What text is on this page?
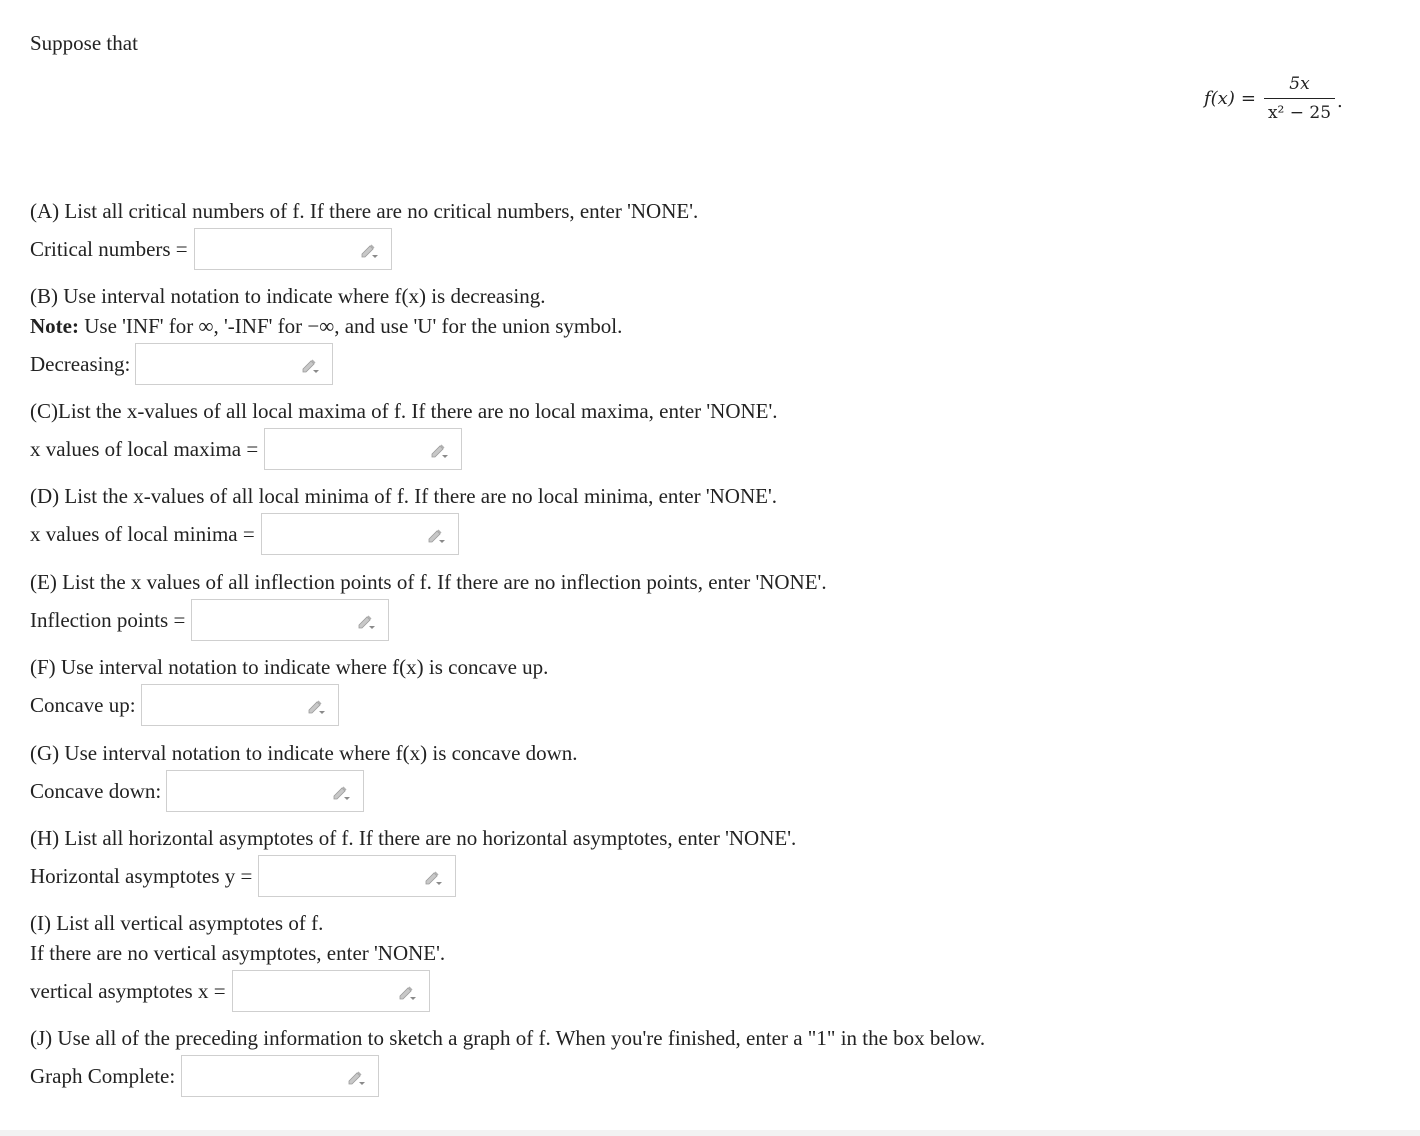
Suppose that
$f(x) = \frac{5x}{\text{x² − 25}}$ .
(A) List all critical numbers of f. If there are no critical numbers, enter 'NONE'.
Critical numbers =
(B) Use interval notation to indicate where f(x) is decreasing.
Note: Use 'INF' for ∞, '-INF' for −∞, and use 'U' for the union symbol.
Decreasing:
(C)List the x-values of all local maxima of f. If there are no local maxima, enter 'NONE'.
x values of local maxima =
(D) List the x-values of all local minima of f. If there are no local minima, enter 'NONE'.
x values of local minima =
(E) List the x values of all inflection points of f. If there are no inflection points, enter 'NONE'.
Inflection points =
(F) Use interval notation to indicate where f(x) is concave up.
Concave up:
(G) Use interval notation to indicate where f(x) is concave down.
Concave down:
(H) List all horizontal asymptotes of f. If there are no horizontal asymptotes, enter 'NONE'.
Horizontal asymptotes y =
(I) List all vertical asymptotes of f.
If there are no vertical asymptotes, enter 'NONE'.
vertical asymptotes x =
(J) Use all of the preceding information to sketch a graph of f. When you're finished, enter a "1" in the box below.
Graph Complete:
